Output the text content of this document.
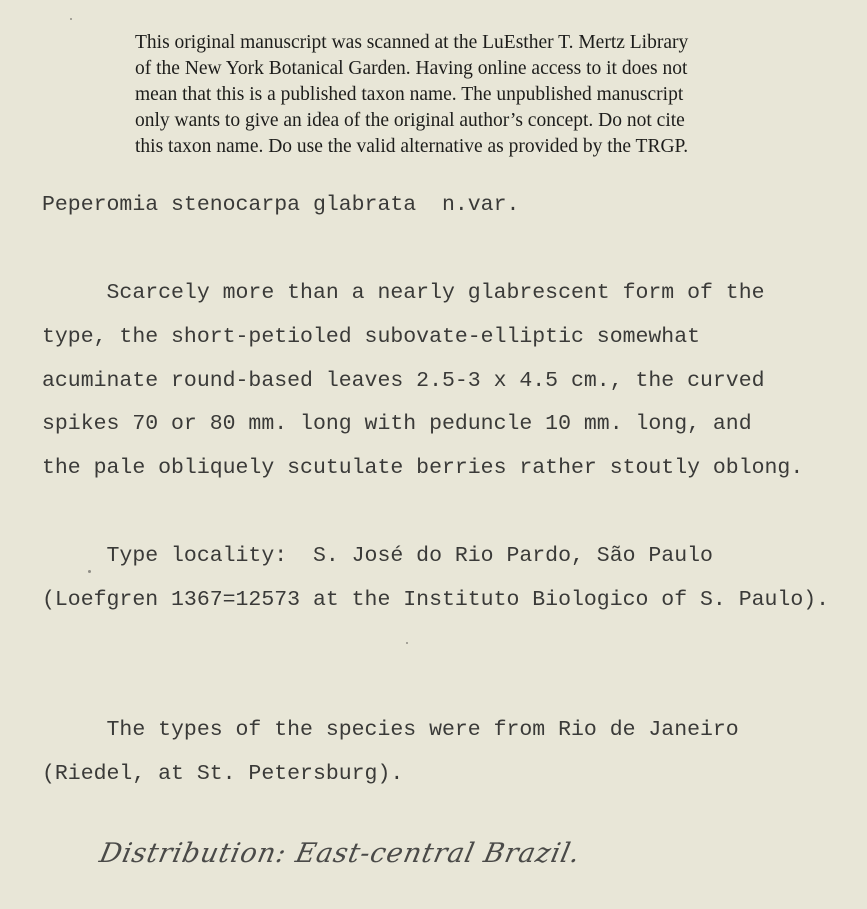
This original manuscript was scanned at the LuEsther T. Mertz Library
of the New York Botanical Garden. Having online access to it does not
mean that this is a published taxon name. The unpublished manuscript
only wants to give an idea of the original author’s concept. Do not cite
this taxon name. Do use the valid alternative as provided by the TRGP.
Peperomia stenocarpa glabrata  n.var.
Scarcely more than a nearly glabrescent form of the
type, the short-petioled subovate-elliptic somewhat
acuminate round-based leaves 2.5-3 x 4.5 cm., the curved
spikes 70 or 80 mm. long with peduncle 10 mm. long, and
the pale obliquely scutulate berries rather stoutly oblong.
Type locality:  S. José do Rio Pardo, São Paulo
(Loefgren 1367=12573 at the Instituto Biologico of S. Paulo).
The types of the species were from Rio de Janeiro
(Riedel, at St. Petersburg).
Distribution: East-central Brazil.
